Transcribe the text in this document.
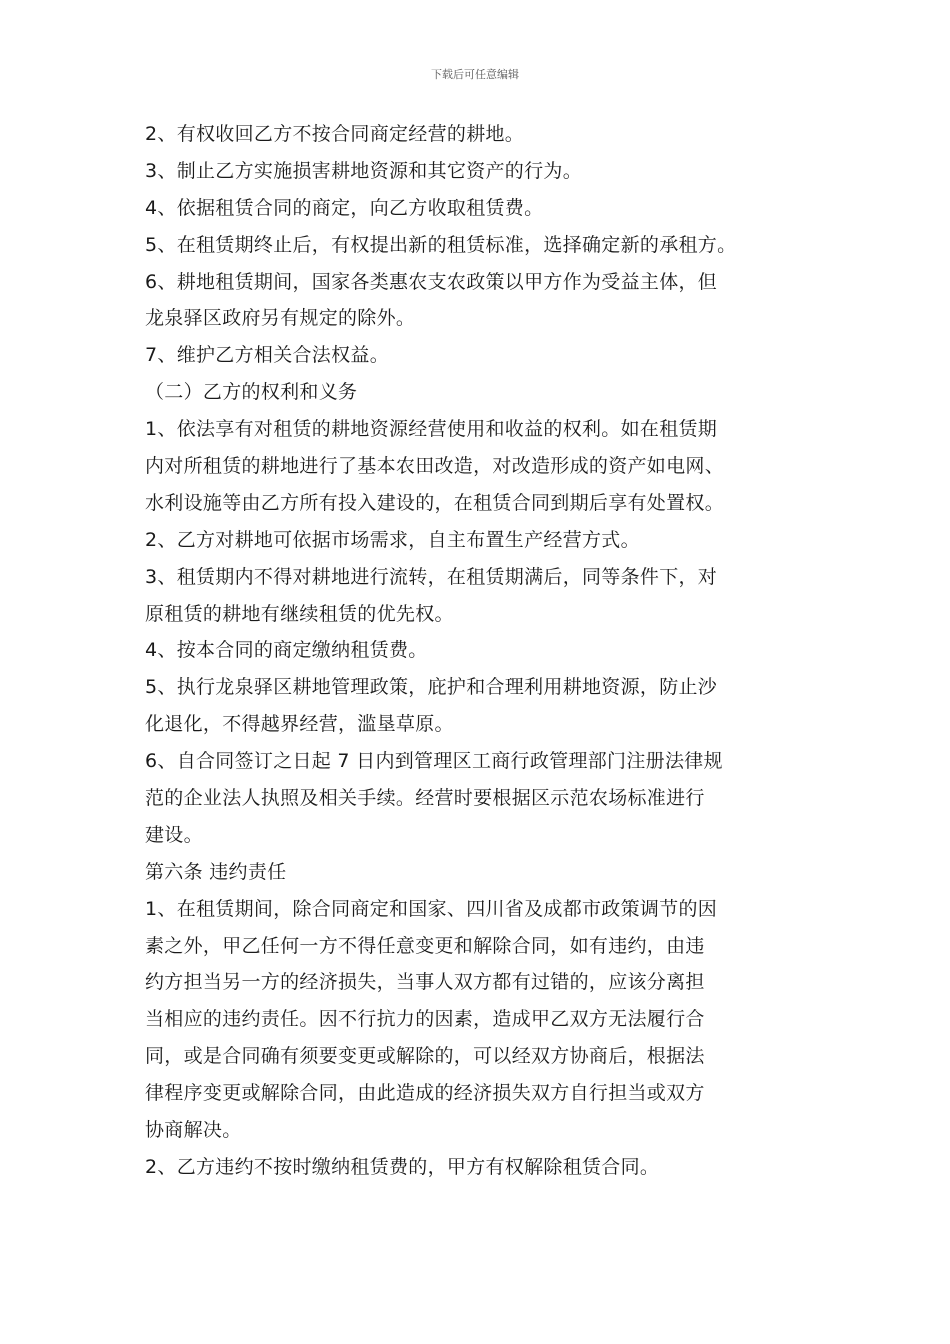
下载后可任意编辑
2、有权收回乙方不按合同商定经营的耕地。
3、制止乙方实施损害耕地资源和其它资产的行为。
4、依据租赁合同的商定，向乙方收取租赁费。
5、在租赁期终止后，有权提出新的租赁标准，选择确定新的承租方。
6、耕地租赁期间，国家各类惠农支农政策以甲方作为受益主体，但
龙泉驿区政府另有规定的除外。
7、维护乙方相关合法权益。
（二）乙方的权利和义务
1、依法享有对租赁的耕地资源经营使用和收益的权利。如在租赁期
内对所租赁的耕地进行了基本农田改造，对改造形成的资产如电网、
水利设施等由乙方所有投入建设的，在租赁合同到期后享有处置权。
2、乙方对耕地可依据市场需求，自主布置生产经营方式。
3、租赁期内不得对耕地进行流转，在租赁期满后，同等条件下，对
原租赁的耕地有继续租赁的优先权。
4、按本合同的商定缴纳租赁费。
5、执行龙泉驿区耕地管理政策，庇护和合理利用耕地资源，防止沙
化退化，不得越界经营，滥垦草原。
6、自合同签订之日起 7 日内到管理区工商行政管理部门注册法律规
范的企业法人执照及相关手续。经营时要根据区示范农场标准进行
建设。
第六条 违约责任
1、在租赁期间，除合同商定和国家、四川省及成都市政策调节的因
素之外，甲乙任何一方不得任意变更和解除合同，如有违约，由违
约方担当另一方的经济损失，当事人双方都有过错的，应该分离担
当相应的违约责任。因不行抗力的因素，造成甲乙双方无法履行合
同，或是合同确有须要变更或解除的，可以经双方协商后，根据法
律程序变更或解除合同，由此造成的经济损失双方自行担当或双方
协商解决。
2、乙方违约不按时缴纳租赁费的，甲方有权解除租赁合同。
